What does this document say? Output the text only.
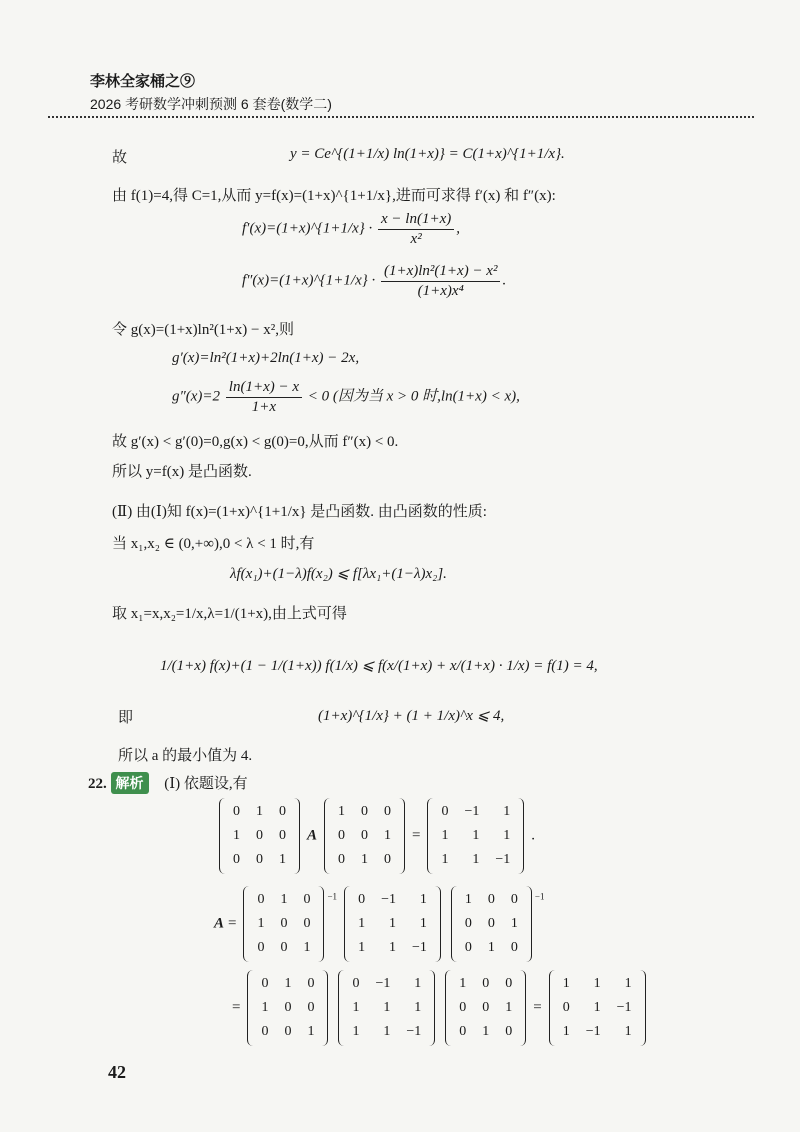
李林全家桶之⑨
2026 考研数学冲刺预测 6 套卷(数学二)
故	y = Ce^{(1+1/x) ln(1+x)} = C(1+x)^{1+1/x}.
由 f(1)=4,得 C=1,从而 y=f(x)=(1+x)^{1+1/x},进而可求得 f′(x) 和 f″(x):
f′(x)=(1+x)^{1+1/x} · $\frac{x - \ln(1+x)}{\text{x²}}$ ,
f″(x)=(1+x)^{1+1/x} · $\frac{\text{(1+x)ln²(1+x) − x²}}{\text{(1+x)x⁴}}$ .
令 g(x)=(1+x)ln²(1+x) − x²,则
g′(x)=ln²(1+x)+2ln(1+x) − 2x,
$g''(x)=2 \frac{\ln(1+x) - x}{1+x} < 0$ (因为当 x > 0 时,ln(1+x) < x),
故 g′(x) < g′(0)=0,g(x) < g(0)=0,从而 f″(x) < 0.
所以 y=f(x) 是凸函数.
(Ⅱ) 由(Ⅰ)知 f(x)=(1+x)^{1+1/x} 是凸函数. 由凸函数的性质:
当 x₁,x₂ ∈ (0,+∞),0 < λ < 1 时,有
λf(x₁)+(1−λ)f(x₂) ⩽ f[λx₁+(1−λ)x₂].
取 x₁=x,x₂=1/x,λ=1/(1+x),由上式可得
1/(1+x) f(x)+(1 − 1/(1+x)) f(1/x) ⩽ f(x/(1+x) + x/(1+x) · 1/x) = f(1) = 4,
即	(1+x)^{1/x} + (1 + 1/x)^x ⩽ 4,
所以 a 的最小值为 4.
22. 解析 (Ⅰ) 依题设,有
0	1	0
1	0	0
0	0	1
A
1	0	0
0	0	1
0	1	0
=
0	−1	1
1	1	1
1	1	−1
.
A =
0	1	0
1	0	0
0	0	1
$^{-1}$ 0	−1	1
1	1	1
1	1	−1

1	0	0
0	0	1
0	1	0
$^{-1}$
=
0	1	0
1	0	0
0	0	1

0	−1	1
1	1	1
1	1	−1

1	0	0
0	0	1
0	1	0
=
1	1	1
0	1	−1
1	−1	1
42
